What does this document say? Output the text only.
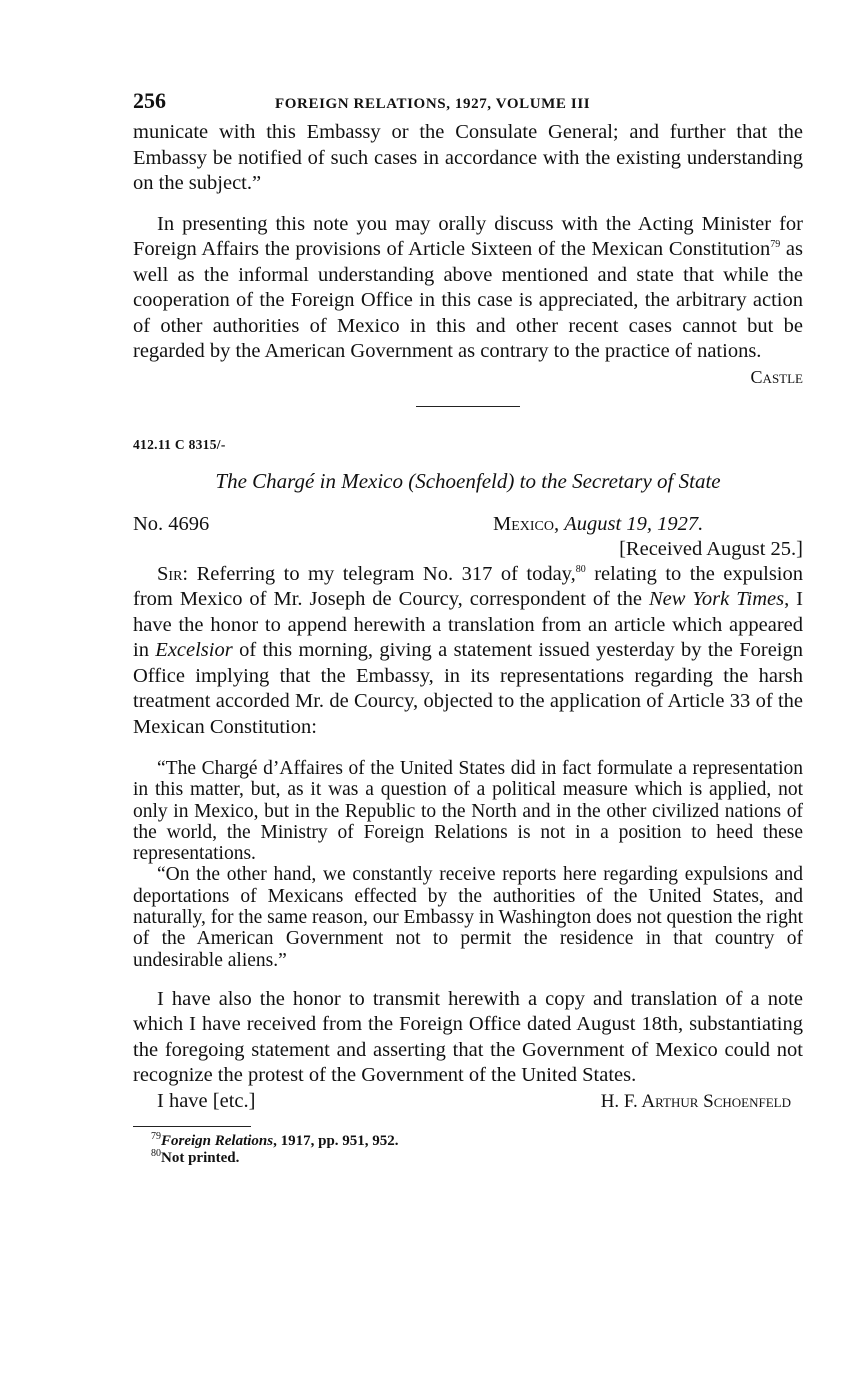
256	FOREIGN RELATIONS, 1927, VOLUME III

municate with this Embassy or the Consulate General; and further that the Embassy be notified of such cases in accordance with the existing understanding on the subject.”

In presenting this note you may orally discuss with the Acting Minister for Foreign Affairs the provisions of Article Sixteen of the Mexican Constitution$^{79}$ as well as the informal understanding above mentioned and state that while the cooperation of the Foreign Office in this case is appreciated, the arbitrary action of other authorities of Mexico in this and other recent cases cannot but be regarded by the American Government as contrary to the practice of nations.

Castle
412.11 C 8315/-
The Chargé in Mexico (Schoenfeld) to the Secretary of State
No. 4696	Mexico, August 19, 1927.
[Received August 25.]

Sir: Referring to my telegram No. 317 of today,$^{80}$ relating to the expulsion from Mexico of Mr. Joseph de Courcy, correspondent of the New York Times, I have the honor to append herewith a translation from an article which appeared in Excelsior of this morning, giving a statement issued yesterday by the Foreign Office implying that the Embassy, in its representations regarding the harsh treatment accorded Mr. de Courcy, objected to the application of Article 33 of the Mexican Constitution:

“The Chargé d’Affaires of the United States did in fact formulate a representation in this matter, but, as it was a question of a political measure which is applied, not only in Mexico, but in the Republic to the North and in the other civilized nations of the world, the Ministry of Foreign Relations is not in a position to heed these representations.

“On the other hand, we constantly receive reports here regarding expulsions and deportations of Mexicans effected by the authorities of the United States, and naturally, for the same reason, our Embassy in Washington does not question the right of the American Government not to permit the residence in that country of undesirable aliens.”

I have also the honor to transmit herewith a copy and translation of a note which I have received from the Foreign Office dated August 18th, substantiating the foregoing statement and asserting that the Government of Mexico could not recognize the protest of the Government of the United States.

I have [etc.]	H. F. Arthur Schoenfeld
$^{79}$Foreign Relations, 1917, pp. 951, 952.
$^{80}$Not printed.
